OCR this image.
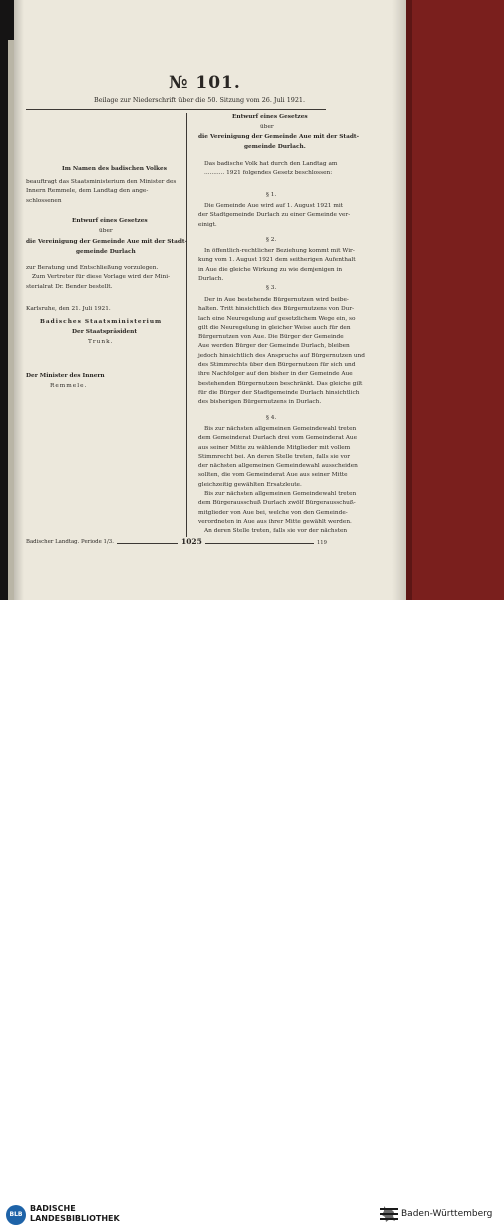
№ 101.
Beilage zur Niederschrift über die 50. Sitzung vom 26. Juli 1921.
Im Namen des badischen Volkes
beauftragt das Staatsministerium den Minister des
Innern Remmele, dem Landtag den ange-
schlossenen
Entwurf eines Gesetzes
über
die Vereinigung der Gemeinde Aue mit der Stadt-
gemeinde Durlach
zur Beratung und Entschließung vorzulegen.
Zum Vertreter für diese Vorlage wird der Mini-
sterialrat Dr. Bender bestellt.
Karlsruhe, den 21. Juli 1921.
Badisches Staatsministerium
Der Staatspräsident
Trunk.
Der Minister des Innern
Remmele.
Entwurf eines Gesetzes
über
die Vereinigung der Gemeinde Aue mit der Stadt-
gemeinde Durlach.
Das badische Volk hat durch den Landtag am
........... 1921 folgendes Gesetz beschlossen:
§ 1.
Die Gemeinde Aue wird auf 1. August 1921 mit
der Stadtgemeinde Durlach zu einer Gemeinde ver-
einigt.
§ 2.
In öffentlich-rechtlicher Beziehung kommt mit Wir-
kung vom 1. August 1921 dem seitherigen Aufenthalt
in Aue die gleiche Wirkung zu wie demjenigen in
Durlach.
§ 3.
Der in Aue bestehende Bürgernutzen wird beibe-
halten. Tritt hinsichtlich des Bürgernutzens von Dur-
lach eine Neuregelung auf gesetzlichem Wege ein, so
gilt die Neuregelung in gleicher Weise auch für den
Bürgernutzen von Aue. Die Bürger der Gemeinde
Aue werden Bürger der Gemeinde Durlach, bleiben
jedoch hinsichtlich des Anspruchs auf Bürgernutzen und
des Stimmrechts über den Bürgernutzen für sich und
ihre Nachfolger auf den bisher in der Gemeinde Aue
bestehenden Bürgernutzen beschränkt. Das gleiche gilt
für die Bürger der Stadtgemeinde Durlach hinsichtlich
des bisherigen Bürgernutzens in Durlach.
§ 4.
Bis zur nächsten allgemeinen Gemeindewahl treten
dem Gemeinderat Durlach drei vom Gemeinderat Aue
aus seiner Mitte zu wählende Mitglieder mit vollem
Stimmrecht bei. An deren Stelle treten, falls sie vor
der nächsten allgemeinen Gemeindewahl ausscheiden
sollten, die vom Gemeinderat Aue aus seiner Mitte
gleichzeitig gewählten Ersatzleute.
Bis zur nächsten allgemeinen Gemeindewahl treten
dem Bürgerausschuß Durlach zwölf Bürgerausschuß-
mitglieder von Aue bei, welche von den Gemeinde-
verordneten in Aue aus ihrer Mitte gewählt werden.
An deren Stelle treten, falls sie vor der nächsten
Badischer Landtag. Periode 1/3.	1025	119
BLB
BADISCHE
LANDESBIBLIOTHEK	Baden-Württemberg
